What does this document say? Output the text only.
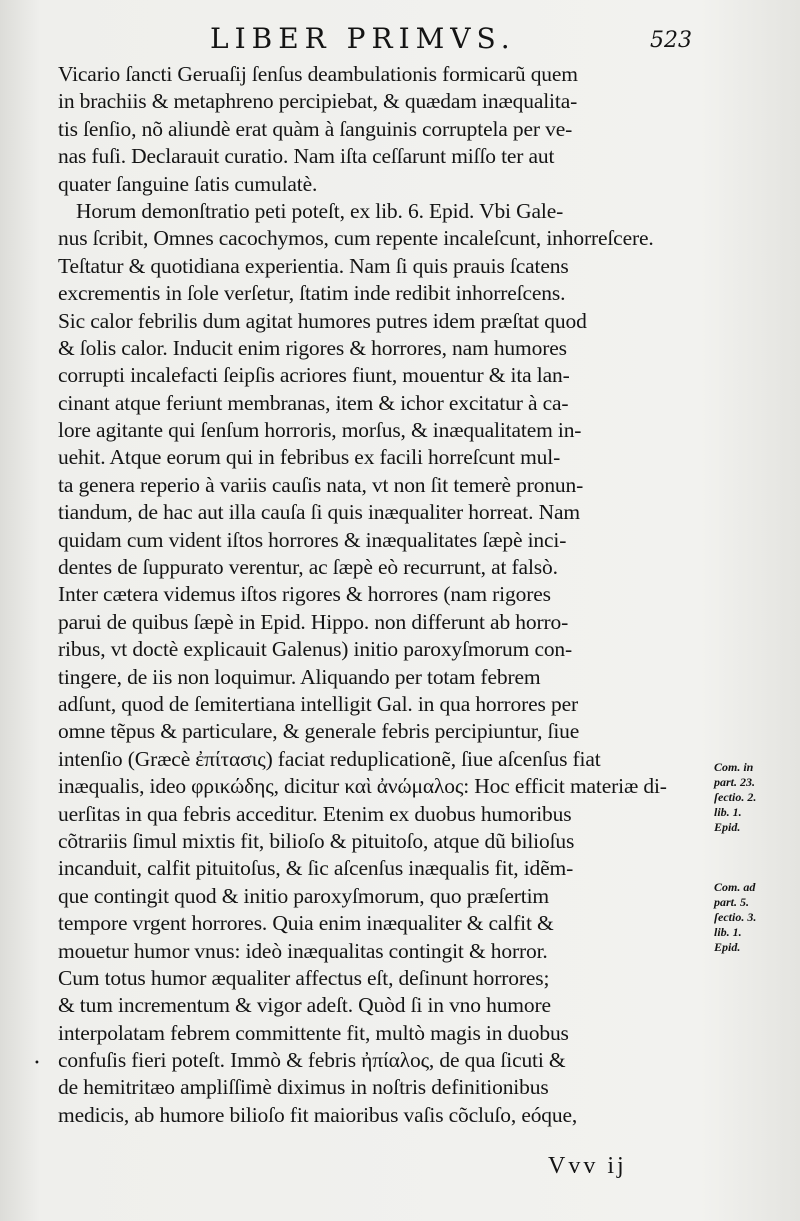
LIBER PRIMVS.	523
Vicario ſancti Geruaſij ſenſus deambulationis formicarũ quem
in brachiis & metaphreno percipiebat, & quædam inæqualita-
tis ſenſio, nõ aliundè erat quàm à ſanguinis corruptela per ve-
nas fuſi. Declarauit curatio. Nam iſta ceſſarunt miſſo ter aut
quater ſanguine ſatis cumulatè.
Horum demonſtratio peti poteſt, ex lib. 6. Epid. Vbi Gale-
nus ſcribit, Omnes cacochymos, cum repente incaleſcunt, inhorreſcere.
Teſtatur & quotidiana experientia. Nam ſi quis prauis ſcatens
excrementis in ſole verſetur, ſtatim inde redibit inhorreſcens.
Sic calor febrilis dum agitat humores putres idem præſtat quod
& ſolis calor. Inducit enim rigores & horrores, nam humores
corrupti incalefacti ſeipſis acriores fiunt, mouentur & ita lan-
cinant atque feriunt membranas, item & ichor excitatur à ca-
lore agitante qui ſenſum horroris, morſus, & inæqualitatem in-
uehit. Atque eorum qui in febribus ex facili horreſcunt mul-
ta genera reperio à variis cauſis nata, vt non ſit temerè pronun-
tiandum, de hac aut illa cauſa ſi quis inæqualiter horreat. Nam
quidam cum vident iſtos horrores & inæqualitates ſæpè inci-
dentes de ſuppurato verentur, ac ſæpè eò recurrunt, at falsò.
Inter cætera videmus iſtos rigores & horrores (nam rigores
parui de quibus ſæpè in Epid. Hippo. non differunt ab horro-
ribus, vt doctè explicauit Galenus) initio paroxyſmorum con-
tingere, de iis non loquimur. Aliquando per totam febrem
adſunt, quod de ſemitertiana intelligit Gal. in qua horrores per
omne tẽpus & particulare, & generale febris percipiuntur, ſiue
intenſio (Græcè ἐπίτασις) faciat reduplicationẽ, ſiue aſcenſus fiat
inæqualis, ideo φρικώδης, dicitur καὶ ἀνώμαλος: Hoc efficit materiæ di-
uerſitas in qua febris acceditur. Etenim ex duobus humoribus
cõtrariis ſimul mixtis fit, bilioſo & pituitoſo, atque dũ bilioſus
incanduit, calfit pituitoſus, & ſic aſcenſus inæqualis fit, idẽm-
que contingit quod & initio paroxyſmorum, quo præſertim
tempore vrgent horrores. Quia enim inæqualiter & calfit &
mouetur humor vnus: ideò inæqualitas contingit & horror.
Cum totus humor æqualiter affectus eſt, deſinunt horrores;
& tum incrementum & vigor adeſt. Quòd ſi in vno humore
interpolatam febrem committente fit, multò magis in duobus
confuſis fieri poteſt. Immò & febris ἠπίαλος, de qua ſicuti &
de hemitritæo ampliſſimè diximus in noſtris definitionibus
medicis, ab humore bilioſo fit maioribus vaſis cõcluſo, eóque,
Com. in
part. 23.
ſectio. 2.
lib. 1.
Epid.
Com. ad
part. 5.
ſectio. 3.
lib. 1.
Epid.
•
Vvv ij
